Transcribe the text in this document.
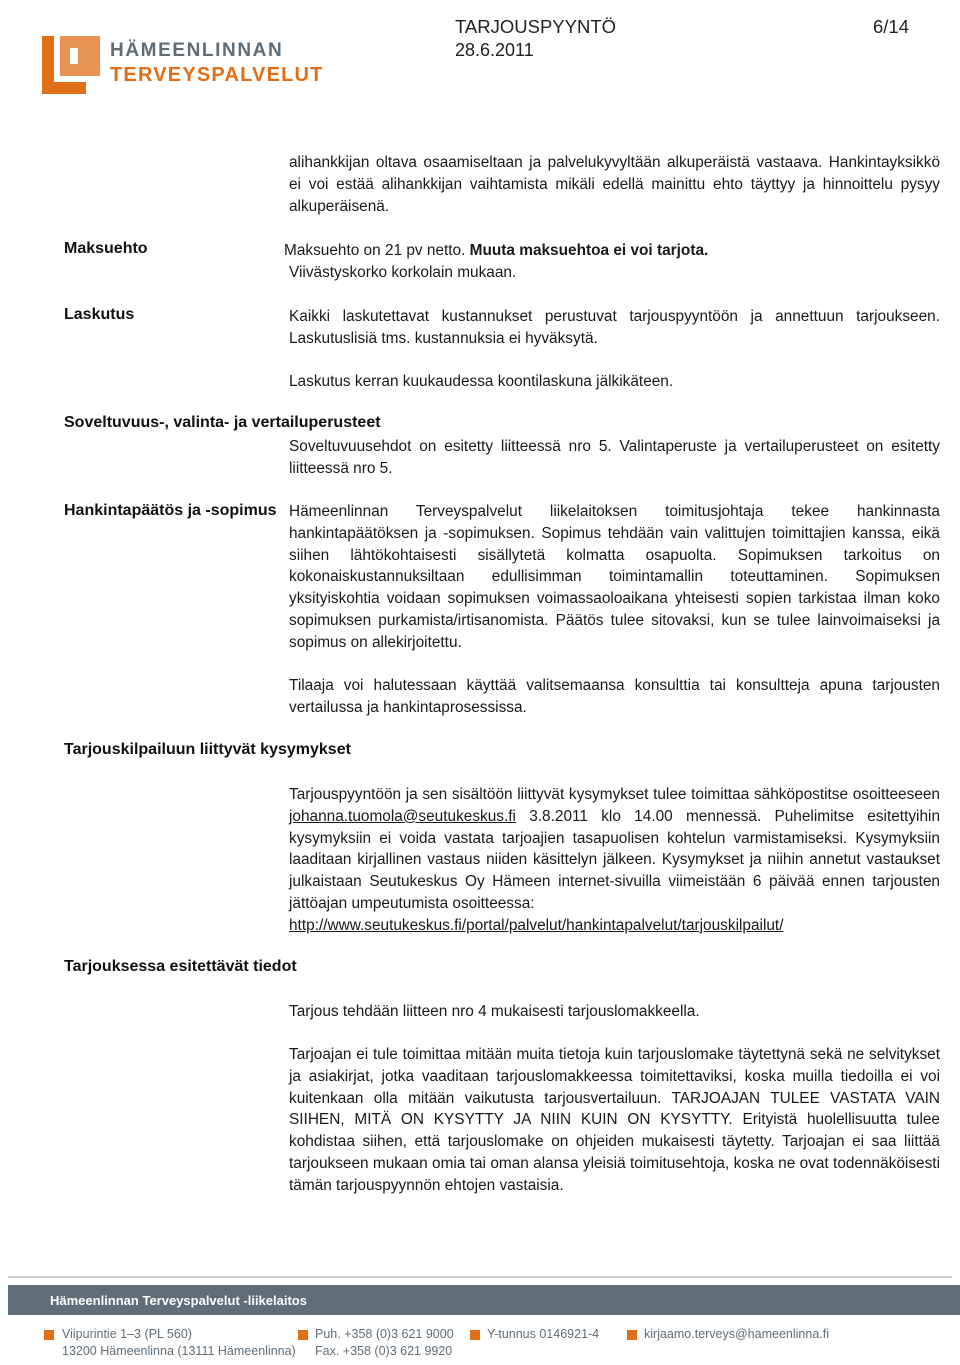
HÄMEENLINNAN
TERVEYSPALVELUT
TARJOUSPYYNTÖ
28.6.2011
6/14

alihankkijan oltava osaamiseltaan ja palvelukyvyltään alkuperäistä vastaava. Hankintayksikkö ei voi estää alihankkijan vaihtamista mikäli edellä mainittu ehto täyttyy ja hinnoittelu pysyy alkuperäisenä.

Maksuehto	Maksuehto on 21 pv netto. Muuta maksuehtoa ei voi tarjota.
Viivästyskorko korkolain mukaan.
Laskutus	Kaikki laskutettavat kustannukset perustuvat tarjouspyyntöön ja annettuun tarjoukseen. Laskutuslisiä tms. kustannuksia ei hyväksytä.

Laskutus kerran kuukaudessa koontilaskuna jälkikäteen.
Soveltuvuus-, valinta- ja vertailuperusteet

Soveltuvuusehdot on esitetty liitteessä nro 5. Valintaperuste ja vertailuperusteet on esitetty liitteessä nro 5.

Hankintapäätös ja -sopimus Hämeenlinnan Terveyspalvelut liikelaitoksen toimitusjohtaja tekee hankinnasta hankintapäätöksen ja -sopimuksen. Sopimus tehdään vain valittujen toimittajien kanssa, eikä siihen lähtökohtaisesti sisällytetä kolmatta osapuolta. Sopimuksen tarkoitus on kokonaiskustannuksiltaan edullisimman toimintamallin toteuttaminen. Sopimuksen yksityiskohtia voidaan sopimuksen voimassaoloaikana yhteisesti sopien tarkistaa ilman koko sopimuksen purkamista/irtisanomista. Päätös tulee sitovaksi, kun se tulee lainvoimaiseksi ja sopimus on allekirjoitettu.

Tilaaja voi halutessaan käyttää valitsemaansa konsulttia tai konsultteja apuna tarjousten vertailussa ja hankintaprosessissa.

Tarjouskilpailuun liittyvät kysymykset

Tarjouspyyntöön ja sen sisältöön liittyvät kysymykset tulee toimittaa sähköpostitse osoitteeseen johanna.tuomola@seutukeskus.fi 3.8.2011 klo 14.00 mennessä. Puhelimitse esitettyihin kysymyksiin ei voida vastata tarjoajien tasapuolisen kohtelun varmistamiseksi. Kysymyksiin laaditaan kirjallinen vastaus niiden käsittelyn jälkeen. Kysymykset ja niihin annetut vastaukset julkaistaan Seutukeskus Oy Hämeen internet-sivuilla viimeistään 6 päivää ennen tarjousten jättöajan umpeutumista osoitteessa:
http://www.seutukeskus.fi/portal/palvelut/hankintapalvelut/tarjouskilpailut/

Tarjouksessa esitettävät tiedot
Tarjous tehdään liitteen nro 4 mukaisesti tarjouslomakkeella.

Tarjoajan ei tule toimittaa mitään muita tietoja kuin tarjouslomake täytettynä sekä ne selvitykset ja asiakirjat, jotka vaaditaan tarjouslomakkeessa toimitettaviksi, koska muilla tiedoilla ei voi kuitenkaan olla mitään vaikutusta tarjousvertailuun. TARJOAJAN TULEE VASTATA VAIN SIIHEN, MITÄ ON KYSYTTY JA NIIN KUIN ON KYSYTTY. Erityistä huolellisuutta tulee kohdistaa siihen, että tarjouslomake on ohjeiden mukaisesti täytetty. Tarjoajan ei saa liittää tarjoukseen mukaan omia tai oman alansa yleisiä toimitusehtoja, koska ne ovat todennäköisesti tämän tarjouspyynnön ehtojen vastaisia.

Hämeenlinnan Terveyspalvelut -liikelaitos
Viipurintie 1–3 (PL 560)
13200 Hämeenlinna (13111 Hämeenlinna)
Puh. +358 (0)3 621 9000
Fax. +358 (0)3 621 9920
Y-tunnus 0146921-4	kirjaamo.terveys@hameenlinna.fi
